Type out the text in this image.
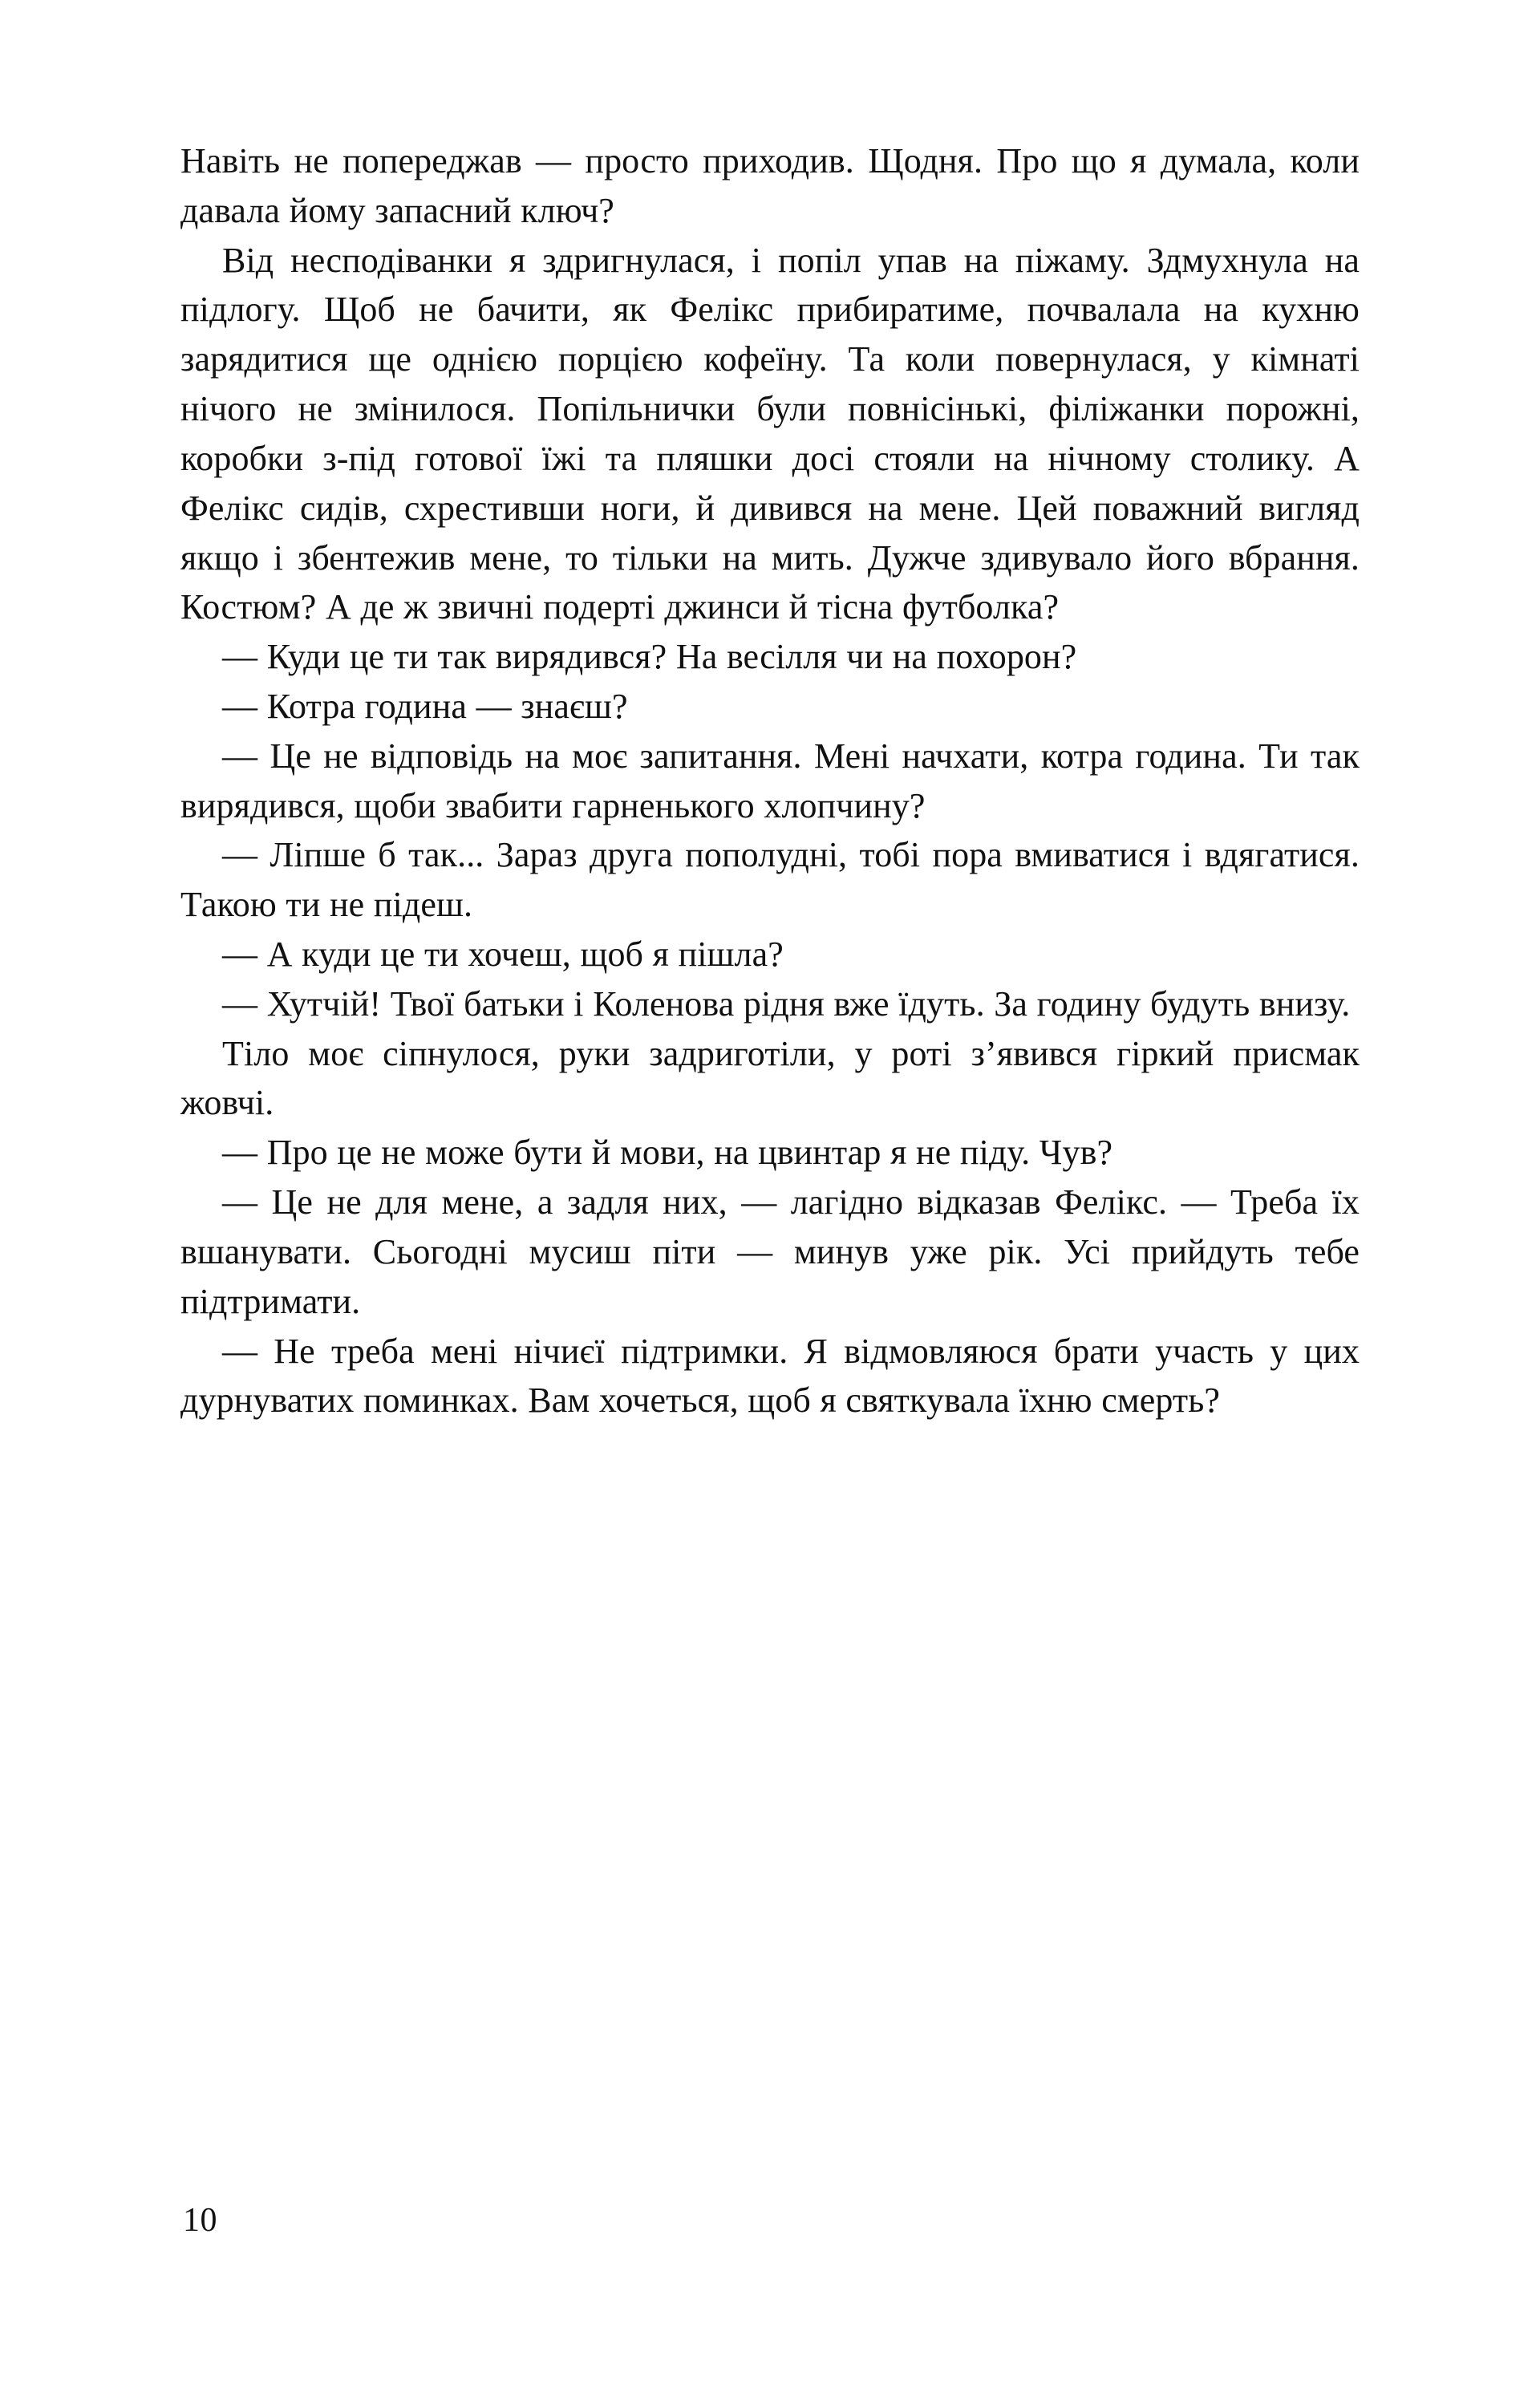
Навіть не попереджав — просто приходив. Щодня. Про що я думала, коли давала йому запасний ключ?

Від несподіванки я здригнулася, і попіл упав на піжаму. Здмухнула на підлогу. Щоб не бачити, як Фелікс прибиратиме, почвалала на кухню зарядитися ще однією порцією кофеїну. Та коли повернулася, у кімнаті нічого не змінилося. Попільнички були повнісінькі, філіжанки порожні, коробки з-під готової їжі та пляшки досі стояли на нічному столику. А Фелікс сидів, схрестивши ноги, й дивився на мене. Цей поважний вигляд якщо і збентежив мене, то тільки на мить. Дужче здивувало його вбрання. Костюм? А де ж звичні подерті джинси й тісна футболка?

— Куди це ти так вирядився? На весілля чи на похорон?

— Котра година — знаєш?

— Це не відповідь на моє запитання. Мені начхати, котра година. Ти так вирядився, щоби звабити гарненького хлопчину?

— Ліпше б так... Зараз друга пополудні, тобі пора вмиватися і вдягатися. Такою ти не підеш.

— А куди це ти хочеш, щоб я пішла?

— Хутчій! Твої батьки і Коленова рідня вже їдуть. За годину будуть внизу.

Тіло моє сіпнулося, руки задриготіли, у роті з’явився гіркий присмак жовчі.

— Про це не може бути й мови, на цвинтар я не піду. Чув?

— Це не для мене, а задля них, — лагідно відказав Фелікс. — Треба їх вшанувати. Сьогодні мусиш піти — минув уже рік. Усі прийдуть тебе підтримати.

— Не треба мені нічиєї підтримки. Я відмовляюся брати участь у цих дурнуватих поминках. Вам хочеться, щоб я святкувала їхню смерть?

10
